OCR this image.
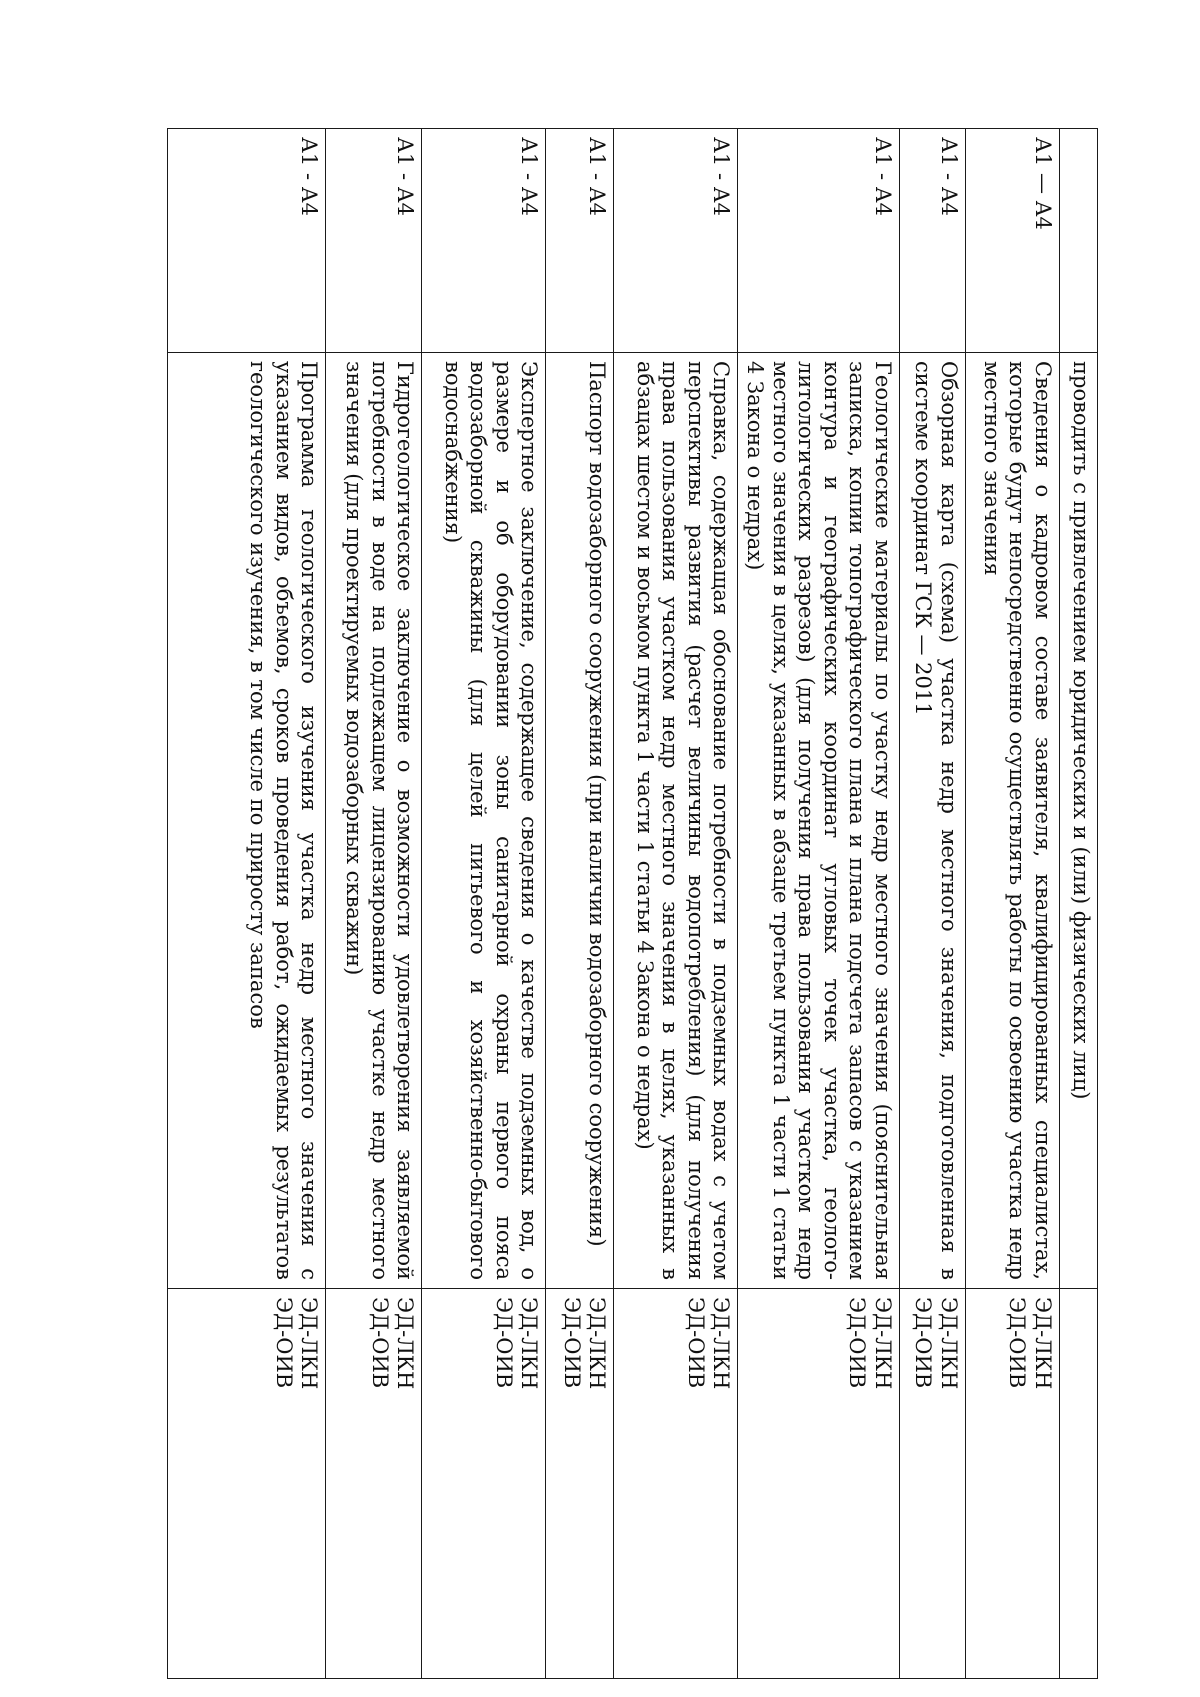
	проводить с привлечением юридических и (или) физических лиц)	
А1 — А4	Сведения о кадровом составе заявителя, квалифицированных специалистах, которые будут непосредственно осуществлять работы по освоению участка недр местного значения	ЭД-ЛКН
ЭД-ОИВ

А1 - А4	Обзорная карта (схема) участка недр местного значения, подготовленная в системе координат ГСК — 2011	ЭД-ЛКН
ЭД-ОИВ

А1 - А4	Геологические материалы по участку недр местного значения (пояснительная записка, копии топографического плана и плана подсчета запасов с указанием контура и географических координат угловых точек участка, геолого-литологических разрезов) (для получения права пользования участком недр местного значения в целях, указанных в абзаце третьем пункта 1 части 1 статьи 4 Закона о недрах)	ЭД-ЛКН
ЭД-ОИВ

А1 - А4	Справка, содержащая обоснование потребности в подземных водах с учетом перспективы развития (расчет величины водопотребления) (для получения права пользования участком недр местного значения в целях, указанных в абзацах шестом и восьмом пункта 1 части 1 статьи 4 Закона о недрах)	ЭД-ЛКН
ЭД-ОИВ

А1 - А4	Паспорт водозаборного сооружения (при наличии водозаборного сооружения)	ЭД-ЛКН
ЭД-ОИВ

А1 - А4	Экспертное заключение, содержащее сведения о качестве подземных вод, о размере и об оборудовании зоны санитарной охраны первого пояса водозаборной скважины (для целей питьевого и хозяйственно-бытового водоснабжения)	ЭД-ЛКН
ЭД-ОИВ

А1 - А4	Гидрогеологическое заключение о возможности удовлетворения заявляемой потребности в воде на подлежащем лицензированию участке недр местного значения (для проектируемых водозаборных скважин)	ЭД-ЛКН
ЭД-ОИВ

А1 - А4	Программа геологического изучения участка недр местного значения с указанием видов, объемов, сроков проведения работ, ожидаемых результатов геологического изучения, в том числе по приросту запасов	ЭД-ЛКН
ЭД-ОИВ
